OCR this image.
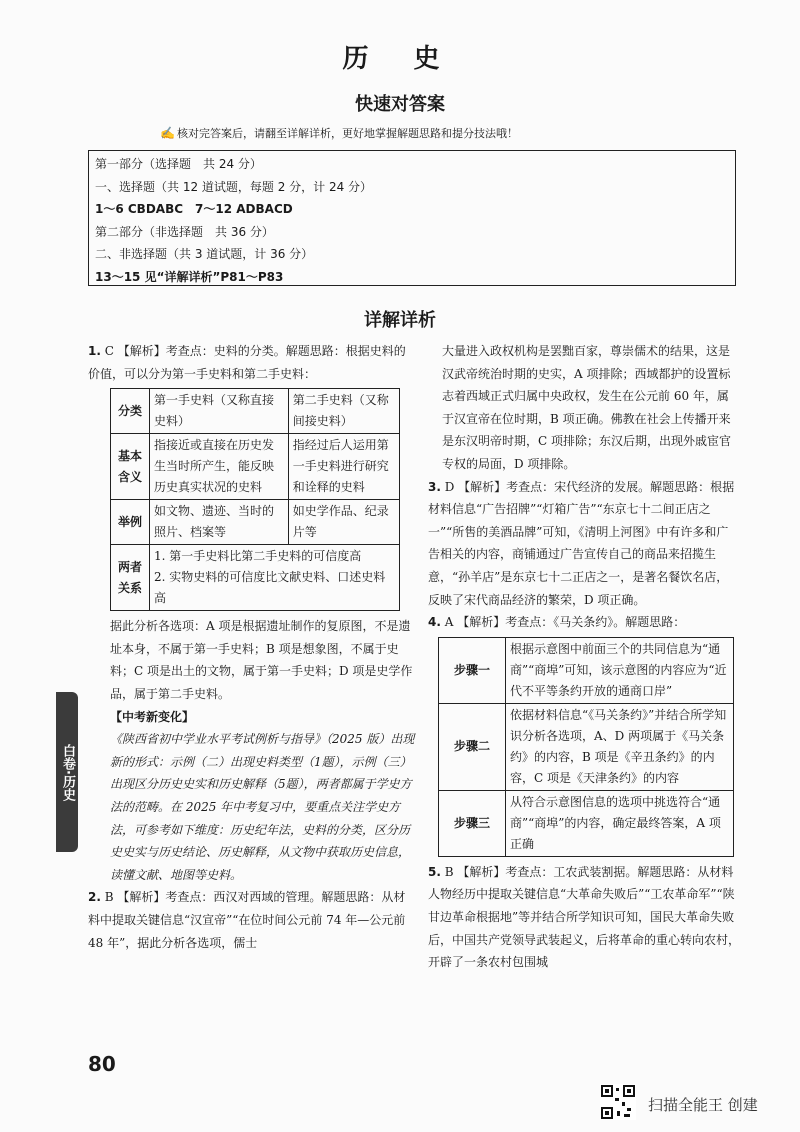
历 史
快速对答案
✍ 核对完答案后，请翻至详解详析，更好地掌握解题思路和提分技法哦！
第一部分（选择题　共 24 分）
一、选择题（共 12 道试题，每题 2 分，计 24 分）
1～6 CBDABC　7～12 ADBACD
第二部分（非选择题　共 36 分）
二、非选择题（共 3 道试题，计 36 分）
13～15 见“详解详析”P81～P83
详解详析

1. C 【解析】考查点：史料的分类。解题思路：根据史料的价值，可以分为第一手史料和第二手史料：

分类	第一手史料（又称直接史料）	第二手史料（又称间接史料）
基本含义	指接近或直接在历史发生当时所产生，能反映历史真实状况的史料	指经过后人运用第一手史料进行研究和诠释的史料
举例	如文物、遗迹、当时的照片、档案等	如史学作品、纪录片等
两者关系	1. 第一手史料比第二手史料的可信度高
2. 实物史料的可信度比文献史料、口述史料高	

据此分析各选项：A 项是根据遗址制作的复原图，不是遗址本身，不属于第一手史料；B 项是想象图，不属于史料；C 项是出土的文物，属于第一手史料；D 项是史学作品，属于第二手史料。

【中考新变化】

《陕西省初中学业水平考试例析与指导》（2025 版）出现新的形式：示例（二）出现史料类型（1题），示例（三）出现区分历史史实和历史解释（5题），两者都属于学史方法的范畴。在 2025 年中考复习中，要重点关注学史方法，可参考如下维度：历史纪年法，史料的分类，区分历史史实与历史结论、历史解释，从文物中获取历史信息，读懂文献、地图等史料。

2. B 【解析】考查点：西汉对西域的管理。解题思路：从材料中提取关键信息“汉宣帝”“在位时间公元前 74 年—公元前 48 年”，据此分析各选项，儒士

大量进入政权机构是罢黜百家，尊崇儒术的结果，这是汉武帝统治时期的史实，A 项排除；西域都护的设置标志着西域正式归属中央政权，发生在公元前 60 年，属于汉宣帝在位时期，B 项正确。佛教在社会上传播开来是东汉明帝时期，C 项排除；东汉后期，出现外戚宦官专权的局面，D 项排除。

3. D 【解析】考查点：宋代经济的发展。解题思路：根据材料信息“广告招牌”“灯箱广告”“东京七十二间正店之一”“所售的美酒品牌”可知，《清明上河图》中有许多和广告相关的内容，商铺通过广告宣传自己的商品来招揽生意，“孙羊店”是东京七十二正店之一，是著名餐饮名店，反映了宋代商品经济的繁荣，D 项正确。

4. A 【解析】考查点：《马关条约》。解题思路：

步骤一	根据示意图中前面三个的共同信息为“通商”“商埠”可知，该示意图的内容应为“近代不平等条约开放的通商口岸”
步骤二	依据材料信息“《马关条约》”并结合所学知识分析各选项，A、D 两项属于《马关条约》的内容，B 项是《辛丑条约》的内容，C 项是《天津条约》的内容
步骤三	从符合示意图信息的选项中挑选符合“通商”“商埠”的内容，确定最终答案，A 项正确

5. B 【解析】考查点：工农武装割据。解题思路：从材料人物经历中提取关键信息“大革命失败后”“工农革命军”“陕甘边革命根据地”等并结合所学知识可知，国民大革命失败后，中国共产党领导武装起义，后将革命的重心转向农村，开辟了一条农村包围城

白卷·历史
80
扫描全能王 创建
